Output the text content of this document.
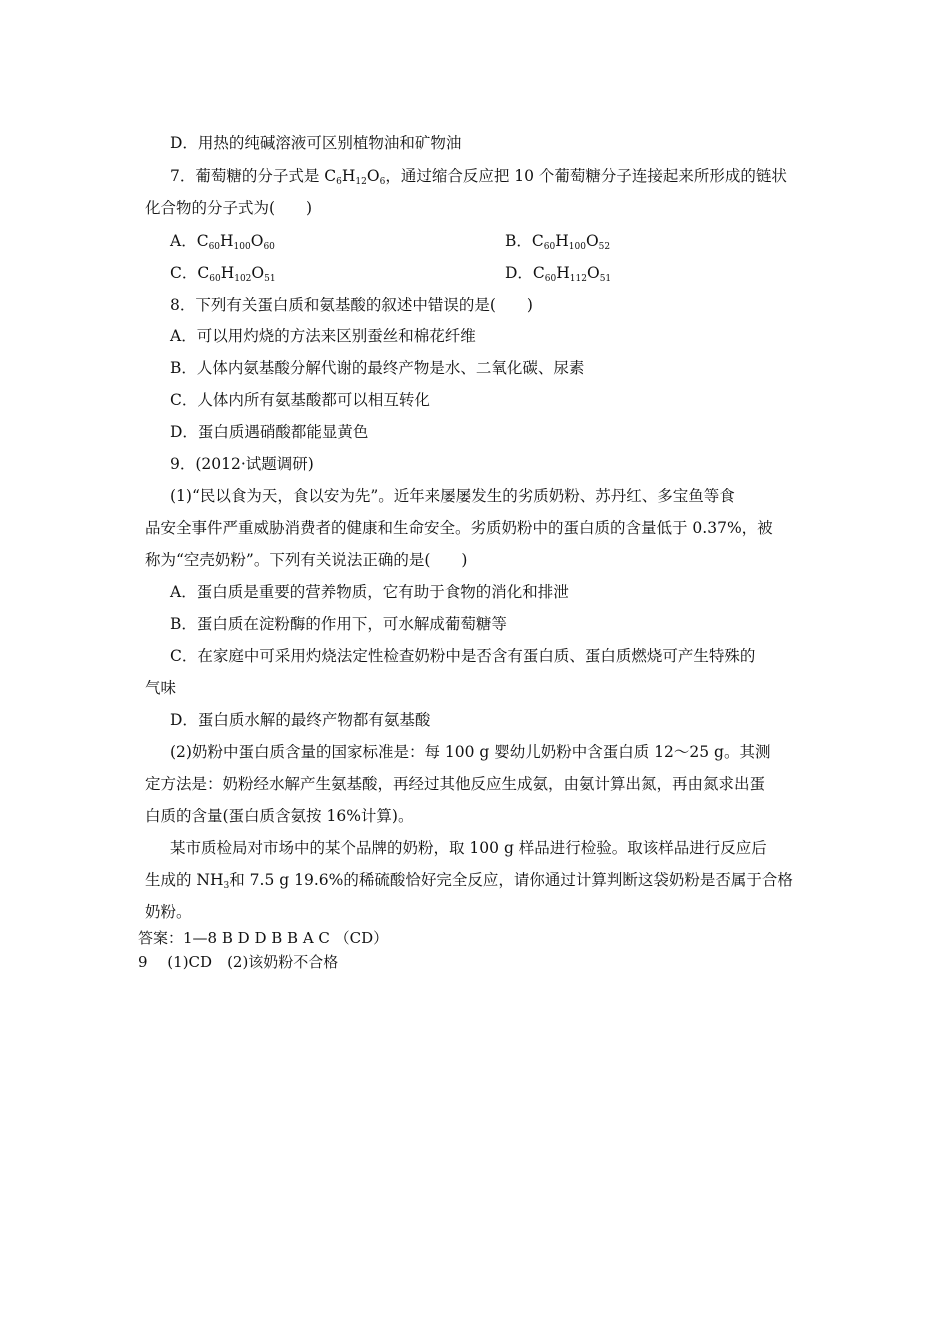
D．用热的纯碱溶液可区别植物油和矿物油
7．葡萄糖的分子式是 $C_6H_{12}O_6$，通过缩合反应把 10 个葡萄糖分子连接起来所形成的链状
化合物的分子式为(　　)
A．$C_{60}H_{100}O_{60}$	B．$C_{60}H_{100}O_{52}$
C．$C_{60}H_{102}O_{51}$	D．$C_{60}H_{112}O_{51}$
8．下列有关蛋白质和氨基酸的叙述中错误的是(　　)
A．可以用灼烧的方法来区别蚕丝和棉花纤维
B．人体内氨基酸分解代谢的最终产物是水、二氧化碳、尿素
C．人体内所有氨基酸都可以相互转化
D．蛋白质遇硝酸都能显黄色
9．(2012·试题调研)
(1)“民以食为天，食以安为先”。近年来屡屡发生的劣质奶粉、苏丹红、多宝鱼等食
品安全事件严重威胁消费者的健康和生命安全。劣质奶粉中的蛋白质的含量低于 0.37%，被
称为“空壳奶粉”。下列有关说法正确的是(　　)
A．蛋白质是重要的营养物质，它有助于食物的消化和排泄
B．蛋白质在淀粉酶的作用下，可水解成葡萄糖等
C．在家庭中可采用灼烧法定性检查奶粉中是否含有蛋白质、蛋白质燃烧可产生特殊的
气味
D．蛋白质水解的最终产物都有氨基酸
(2)奶粉中蛋白质含量的国家标准是：每 100 g 婴幼儿奶粉中含蛋白质 12～25 g。其测
定方法是：奶粉经水解产生氨基酸，再经过其他反应生成氨，由氨计算出氮，再由氮求出蛋
白质的含量(蛋白质含氨按 16%计算)。
某市质检局对市场中的某个品牌的奶粉，取 100 g 样品进行检验。取该样品进行反应后
生成的 $NH_3$和 7.5 g 19.6%的稀硫酸恰好完全反应，请你通过计算判断这袋奶粉是否属于合格
奶粉。
答案：1—8 B D D B B A C （CD）
9　 (1)CD　(2)该奶粉不合格
